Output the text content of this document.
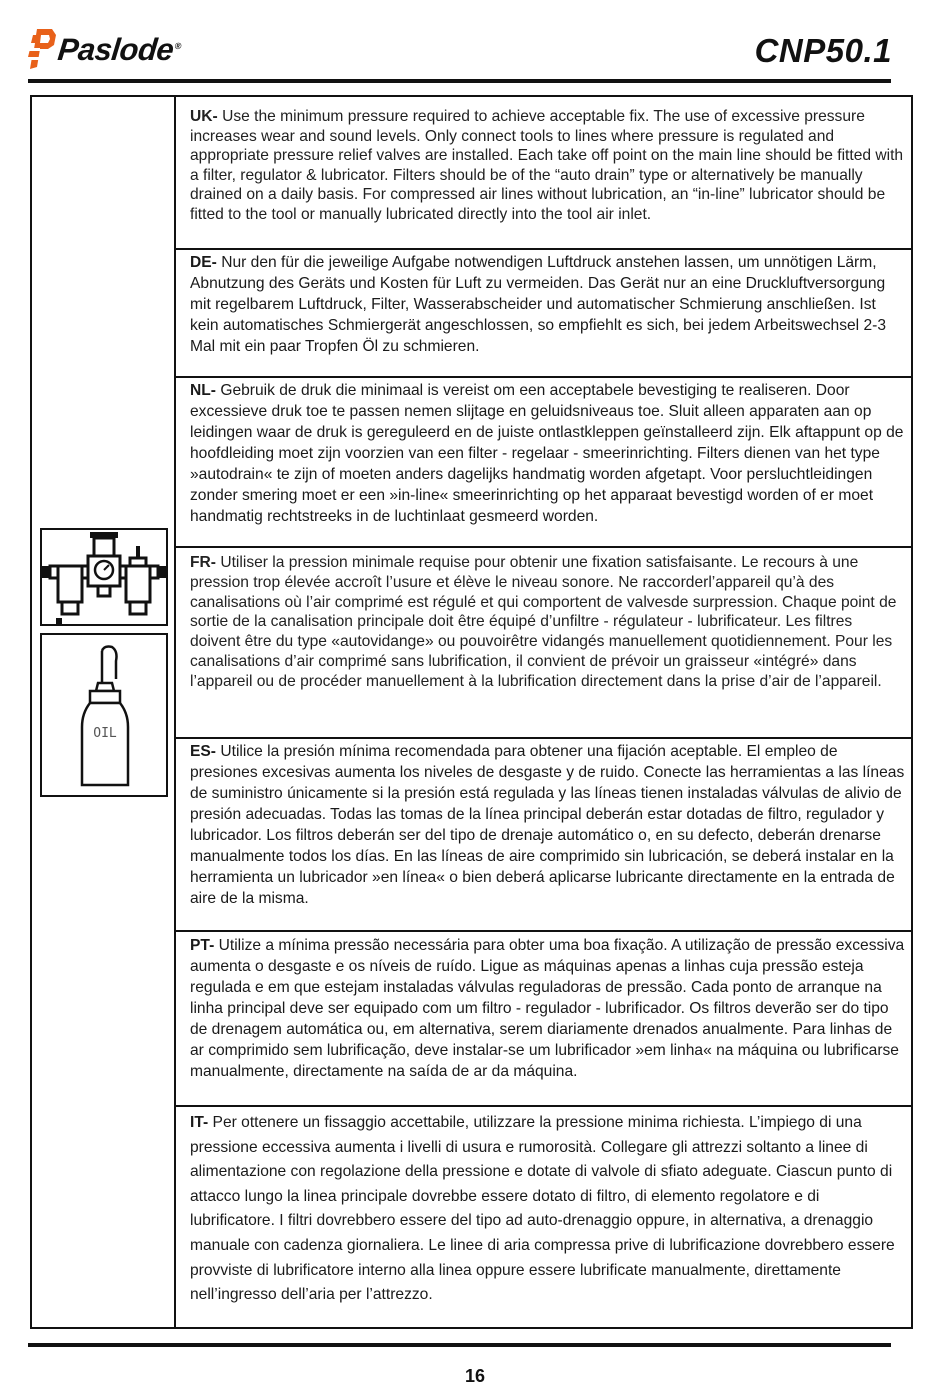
Paslode®	CNP50.1
OIL

UK- Use the minimum pressure required to achieve acceptable fix. The use of excessive pressure increases wear and sound levels. Only connect tools to lines where pressure is regulated and appropriate pressure relief valves are installed. Each take off point on the main line should be fitted with a filter, regulator & lubricator. Filters should be of the “auto drain” type or alternatively be manually drained on a daily basis. For compressed air lines without lubrication, an “in-line” lubricator should be fitted to the tool or manually lubricated directly into the tool air inlet.

DE- Nur den für die jeweilige Aufgabe notwendigen Luftdruck anstehen lassen, um unnötigen Lärm, Abnutzung des Geräts und Kosten für Luft zu vermeiden. Das Gerät nur an eine Druckluftversorgung mit regelbarem Luftdruck, Filter, Wasserabscheider und automatischer Schmierung anschließen. Ist kein automatisches Schmiergerät angeschlossen, so empfiehlt es sich, bei jedem Arbeitswechsel 2-3 Mal mit ein paar Tropfen Öl zu schmieren.

NL- Gebruik de druk die minimaal is vereist om een acceptabele bevestiging te realiseren. Door excessieve druk toe te passen nemen slijtage en geluidsniveaus toe. Sluit alleen apparaten aan op leidingen waar de druk is gereguleerd en de juiste ontlastkleppen geïnstalleerd zijn. Elk aftappunt op de hoofdleiding moet zijn voorzien van een filter - regelaar - smeerinrichting. Filters dienen van het type »autodrain« te zijn of moeten anders dagelijks handmatig worden afgetapt. Voor persluchtleidingen zonder smering moet er een »in-line« smeerinrichting op het apparaat bevestigd worden of er moet handmatig rechtstreeks in de luchtinlaat gesmeerd worden.

FR- Utiliser la pression minimale requise pour obtenir une fixation satisfaisante. Le recours à une pression trop élevée accroît l’usure et élève le niveau sonore. Ne raccorderl’appareil qu’à des canalisations où l’air comprimé est régulé et qui comportent de valvesde surpression. Chaque point de sortie de la canalisation principale doit être équipé d’unfiltre - régulateur - lubrificateur. Les filtres doivent être du type «autovidange» ou pouvoirêtre vidangés manuellement quotidiennement. Pour les canalisations d’air comprimé sans lubrification, il convient de prévoir un graisseur «intégré» dans l’appareil ou de procéder manuellement à la lubrification directement dans la prise d’air de l’appareil.

ES- Utilice la presión mínima recomendada para obtener una fijación aceptable. El empleo de presiones excesivas aumenta los niveles de desgaste y de ruido. Conecte las herramientas a las líneas de suministro únicamente si la presión está regulada y las líneas tienen instaladas válvulas de alivio de presión adecuadas. Todas las tomas de la línea principal deberán estar dotadas de filtro, regulador y lubricador. Los filtros deberán ser del tipo de drenaje automático o, en su defecto, deberán drenarse manualmente todos los días. En las líneas de aire comprimido sin lubricación, se deberá instalar en la herramienta un lubricador »en línea« o bien deberá aplicarse lubricante directamente en la entrada de aire de la misma.

PT- Utilize a mínima pressão necessária para obter uma boa fixação. A utilização de pressão excessiva aumenta o desgaste e os níveis de ruído. Ligue as máquinas apenas a linhas cuja pressão esteja regulada e em que estejam instaladas válvulas reguladoras de pressão. Cada ponto de arranque na linha principal deve ser equipado com um filtro - regulador - lubrificador. Os filtros deverão ser do tipo de drenagem automática ou, em alternativa, serem diariamente drenados anualmente. Para linhas de ar comprimido sem lubrificação, deve instalar-se um lubrificador »em linha« na máquina ou lubrificarse manualmente, directamente na saída de ar da máquina.

IT- Per ottenere un fissaggio accettabile, utilizzare la pressione minima richiesta. L’impiego di una pressione eccessiva aumenta i livelli di usura e rumorosità. Collegare gli attrezzi soltanto a linee di alimentazione con regolazione della pressione e dotate di valvole di sfiato adeguate. Ciascun punto di attacco lungo la linea principale dovrebbe essere dotato di filtro, di elemento regolatore e di lubrificatore. I filtri dovrebbero essere del tipo ad auto-drenaggio oppure, in alternativa, a drenaggio manuale con cadenza giornaliera. Le linee di aria compressa prive di lubrificazione dovrebbero essere provviste di lubrificatore interno alla linea oppure essere lubrificate manualmente, direttamente nell’ingresso dell’aria per l’attrezzo.

16
